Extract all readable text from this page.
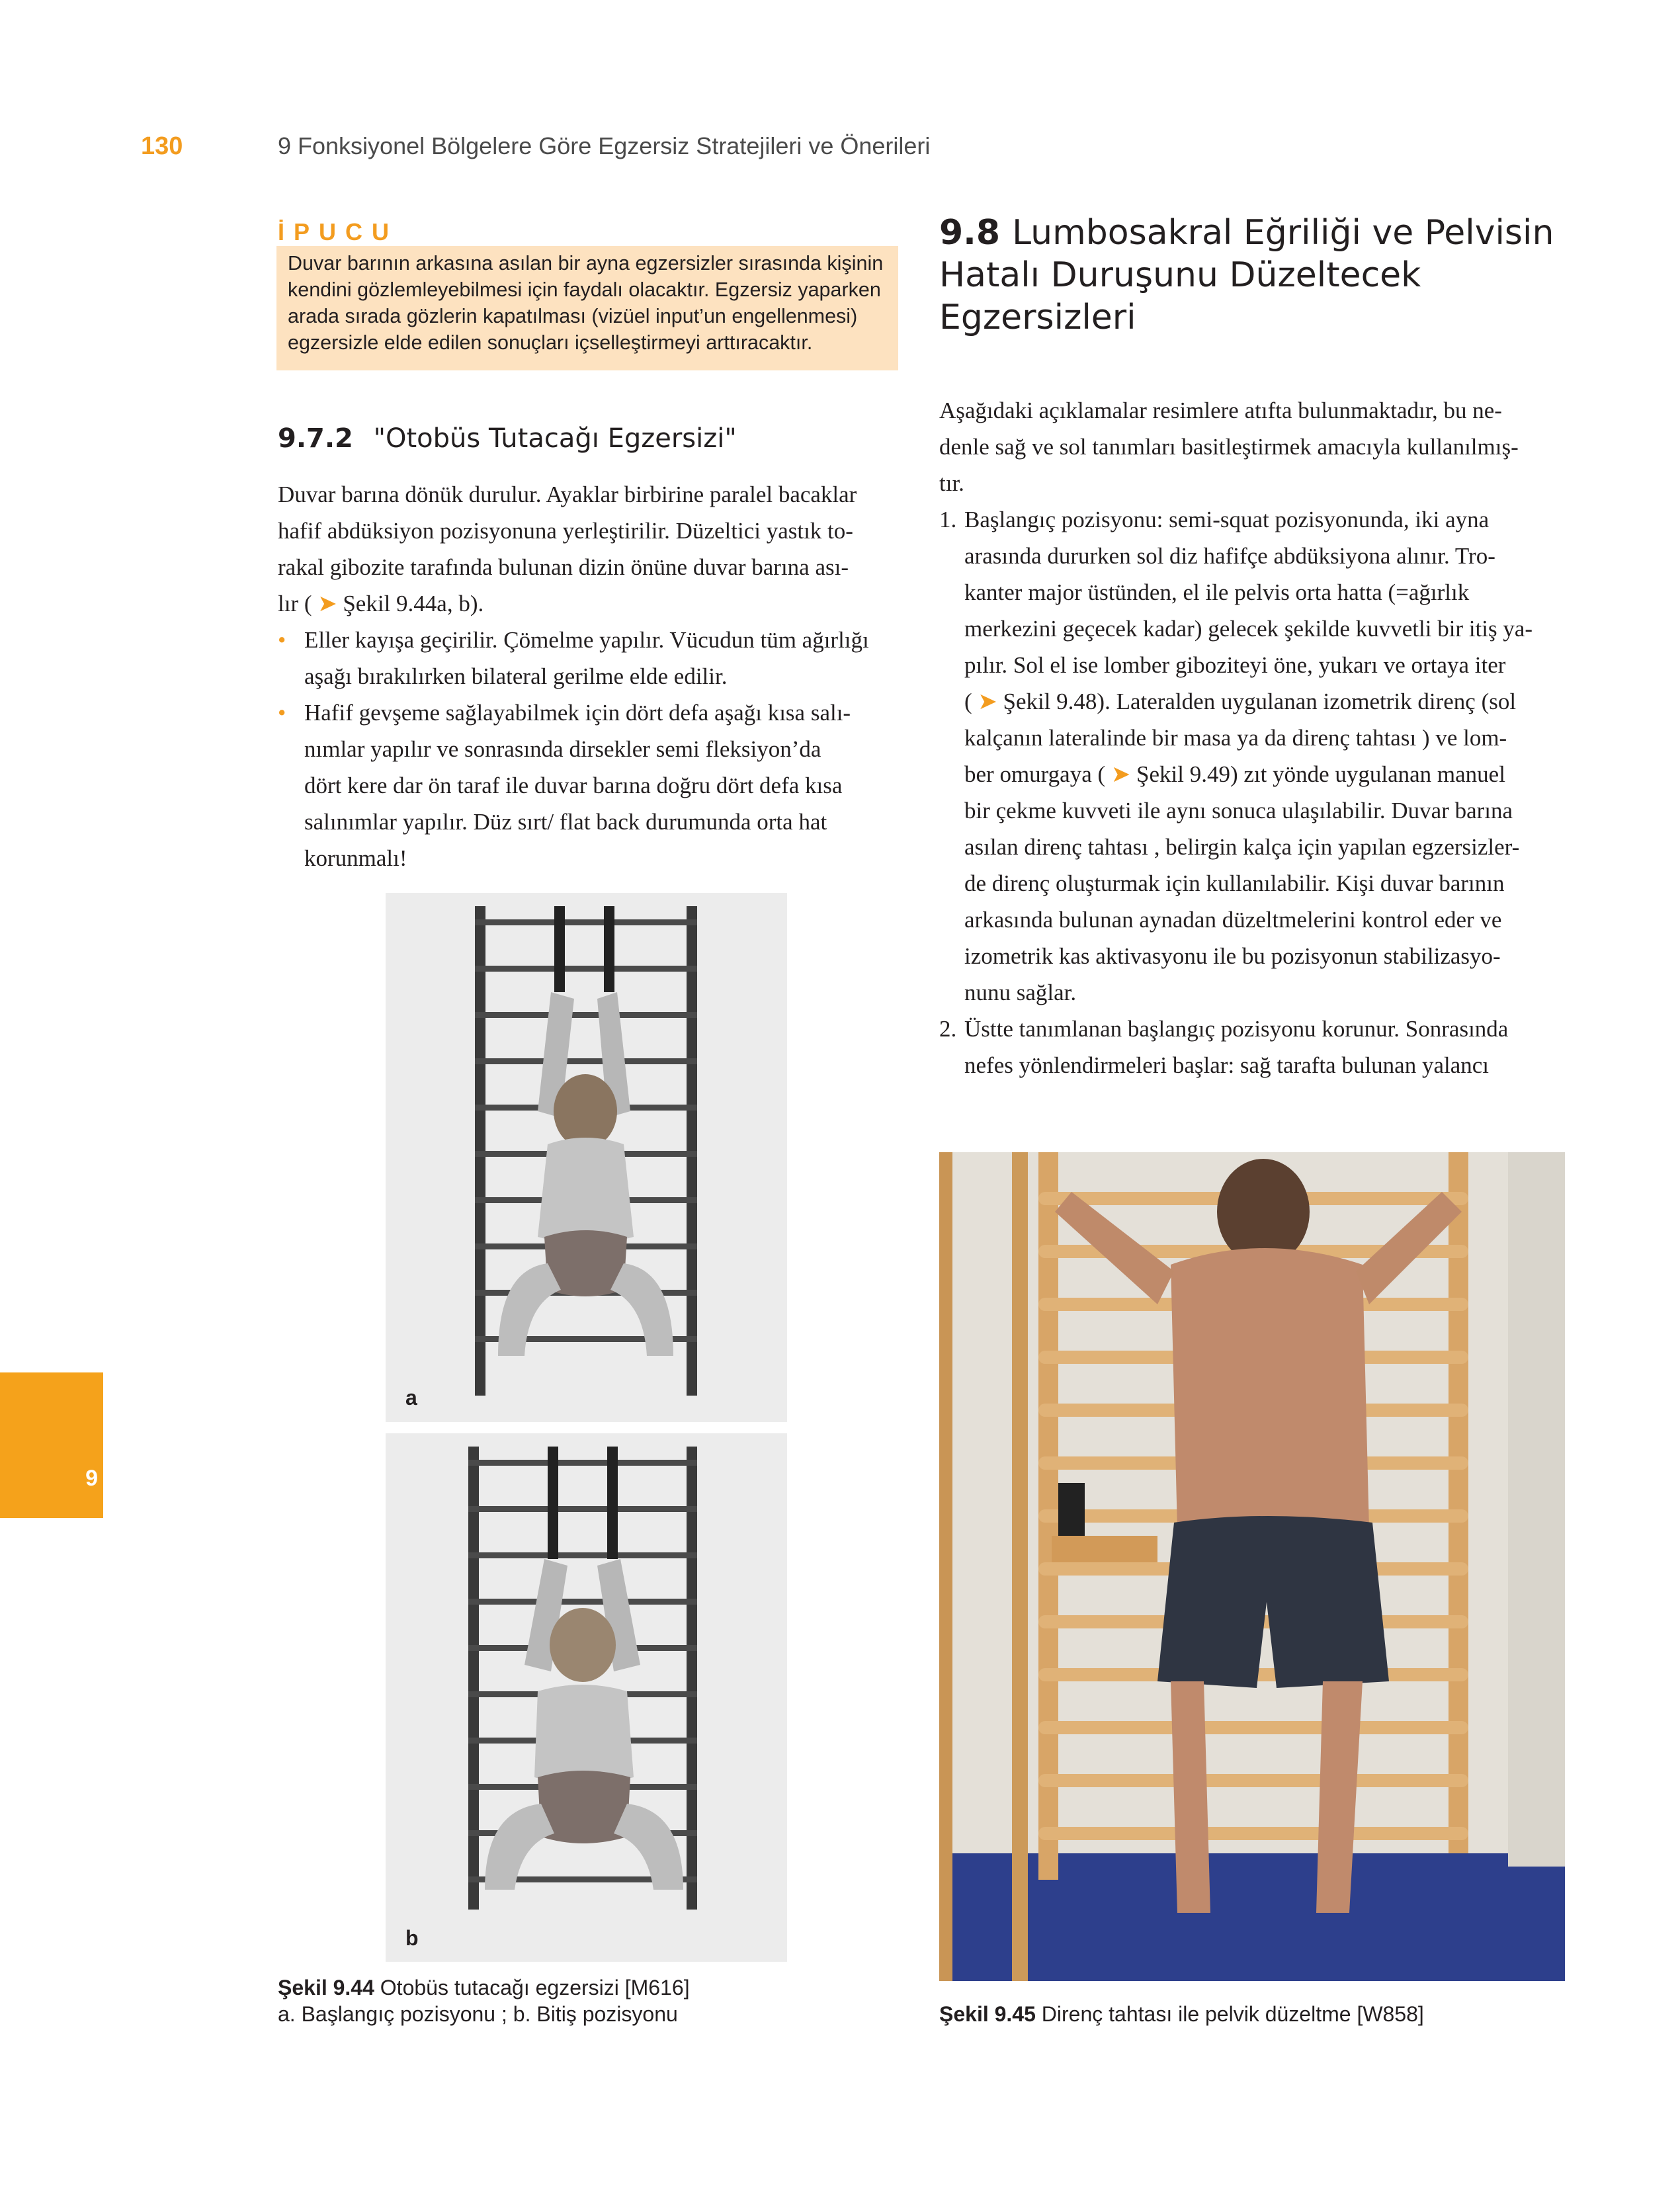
130	9 Fonksiyonel Bölgelere Göre Egzersiz Stratejileri ve Önerileri
9
İPUCU
Duvar barının arkasına asılan bir ayna egzersizler sırasında kişinin
kendini gözlemleyebilmesi için faydalı olacaktır. Egzersiz yaparken
arada sırada gözlerin kapatılması (vizüel input’un engellenmesi)
egzersizle elde edilen sonuçları içselleştirmeyi arttıracaktır.
9.7.2 "Otobüs Tutacağı Egzersizi"

Duvar barına dönük durulur. Ayaklar birbirine paralel bacaklar

hafif abdüksiyon pozisyonuna yerleştirilir. Düzeltici yastık to-

rakal gibozite tarafında bulunan dizin önüne duvar barına ası-

lır ( ➤ Şekil 9.44a, b).

• Eller kayışa geçirilir. Çömelme yapılır. Vücudun tüm ağırlığı
aşağı bırakılırken bilateral gerilme elde edilir.
• Hafif gevşeme sağlayabilmek için dört defa aşağı kısa salı-
nımlar yapılır ve sonrasında dirsekler semi fleksiyon’da
dört kere dar ön taraf ile duvar barına doğru dört defa kısa
salınımlar yapılır. Düz sırt/ flat back durumunda orta hat
korunmalı!
a
b
Şekil 9.44 Otobüs tutacağı egzersizi [M616]
a. Başlangıç pozisyonu ; b. Bitiş pozisyonu
9.8 Lumbosakral Eğriliği ve Pelvisin
Hatalı Duruşunu Düzeltecek
Egzersizleri

Aşağıdaki açıklamalar resimlere atıfta bulunmaktadır, bu ne-

denle sağ ve sol tanımları basitleştirmek amacıyla kullanılmış-

tır.

1. Başlangıç pozisyonu: semi-squat pozisyonunda, iki ayna
arasında dururken sol diz hafifçe abdüksiyona alınır. Tro-
kanter major üstünden, el ile pelvis orta hatta (=ağırlık
merkezini geçecek kadar) gelecek şekilde kuvvetli bir itiş ya-
pılır. Sol el ise lomber giboziteyi öne, yukarı ve ortaya iter
( ➤ Şekil 9.48). Lateralden uygulanan izometrik direnç (sol
kalçanın lateralinde bir masa ya da direnç tahtası ) ve lom-
ber omurgaya ( ➤ Şekil 9.49) zıt yönde uygulanan manuel
bir çekme kuvveti ile aynı sonuca ulaşılabilir. Duvar barına
asılan direnç tahtası , belirgin kalça için yapılan egzersizler-
de direnç oluşturmak için kullanılabilir. Kişi duvar barının
arkasında bulunan aynadan düzeltmelerini kontrol eder ve
izometrik kas aktivasyonu ile bu pozisyonun stabilizasyo-
nunu sağlar.
2. Üstte tanımlanan başlangıç pozisyonu korunur. Sonrasında
nefes yönlendirmeleri başlar: sağ tarafta bulunan yalancı
Şekil 9.45 Direnç tahtası ile pelvik düzeltme [W858]
